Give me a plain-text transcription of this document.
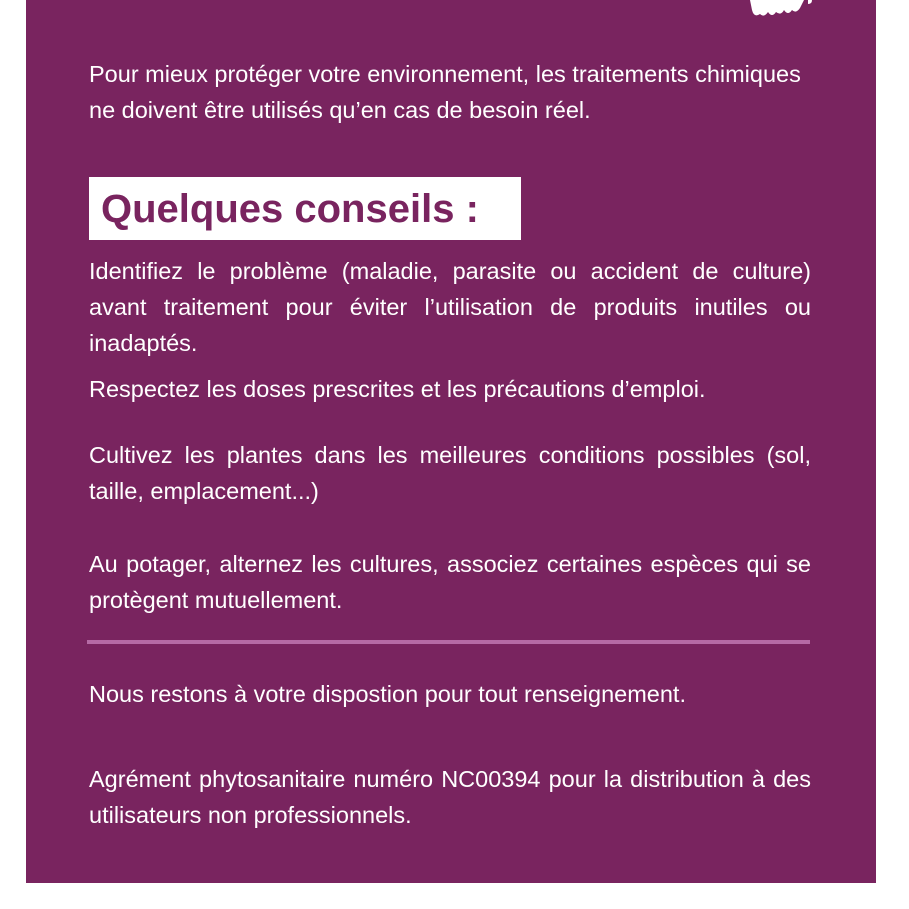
Pour mieux protéger votre environnement, les traitements chimiques ne doivent être utilisés qu’en cas de besoin réel.

Quelques conseils :

Identifiez le problème (maladie, parasite ou accident de culture) avant traitement pour éviter l’utilisation de produits inutiles ou inadaptés.

Respectez les doses prescrites et les précautions d’emploi.

Cultivez les plantes dans les meilleures conditions possibles (sol, taille, emplacement...)

Au potager, alternez les cultures, associez certaines espèces qui se protègent mutuellement.

Nous restons à votre dispostion pour tout renseignement.

Agrément phytosanitaire numéro NC00394 pour la distribution à des utilisateurs non professionnels.
